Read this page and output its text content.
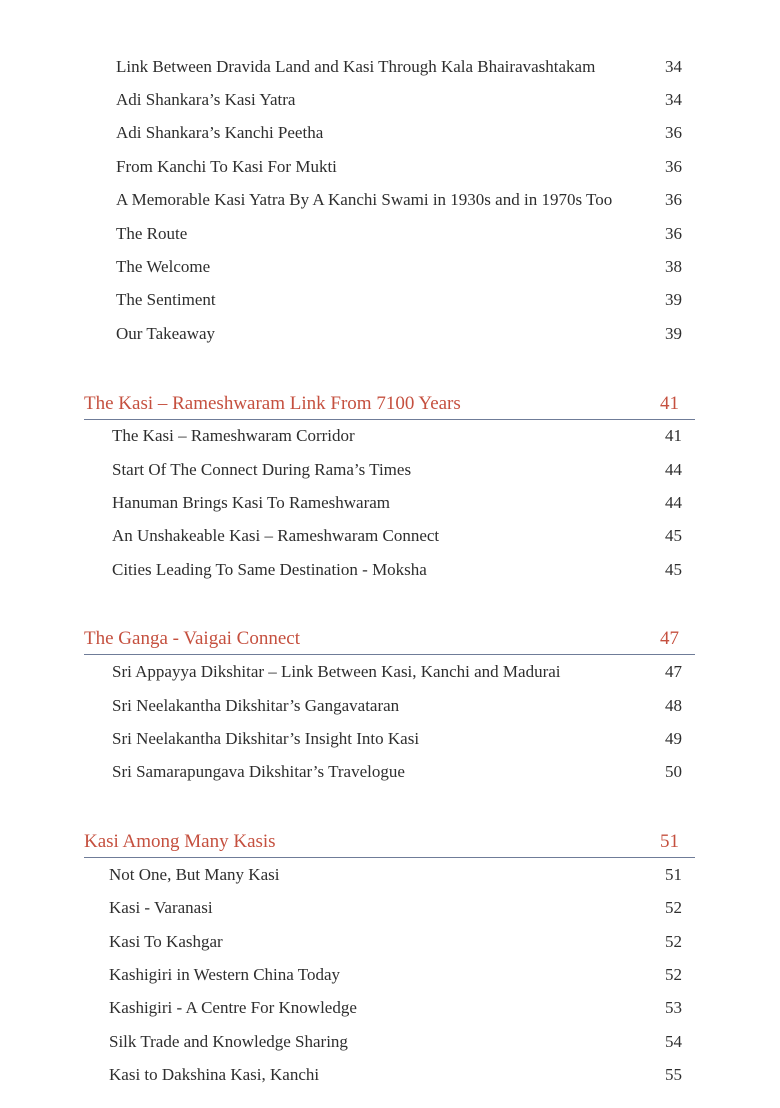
Link Between Dravida Land and Kasi Through Kala Bhairavashtakam	34
Adi Shankara’s Kasi Yatra	34
Adi Shankara’s Kanchi Peetha	36
From Kanchi To Kasi For Mukti	36
A Memorable Kasi Yatra By A Kanchi Swami in 1930s and in 1970s Too	36
The Route	36
The Welcome	38
The Sentiment	39
Our Takeaway	39
The Kasi – Rameshwaram Link From 7100 Years	41
The Kasi – Rameshwaram Corridor	41
Start Of The Connect During Rama’s Times	44
Hanuman Brings Kasi To Rameshwaram	44
An Unshakeable Kasi – Rameshwaram Connect	45
Cities Leading To Same Destination - Moksha	45
The Ganga - Vaigai Connect	47
Sri Appayya Dikshitar – Link Between Kasi, Kanchi and Madurai	47
Sri Neelakantha Dikshitar’s Gangavataran	48
Sri Neelakantha Dikshitar’s Insight Into Kasi	49
Sri Samarapungava Dikshitar’s Travelogue	50
Kasi Among Many Kasis	51
Not One, But Many Kasi	51
Kasi - Varanasi	52
Kasi To Kashgar	52
Kashigiri in Western China Today	52
Kashigiri - A Centre For Knowledge	53
Silk Trade and Knowledge Sharing	54
Kasi to Dakshina Kasi, Kanchi	55
